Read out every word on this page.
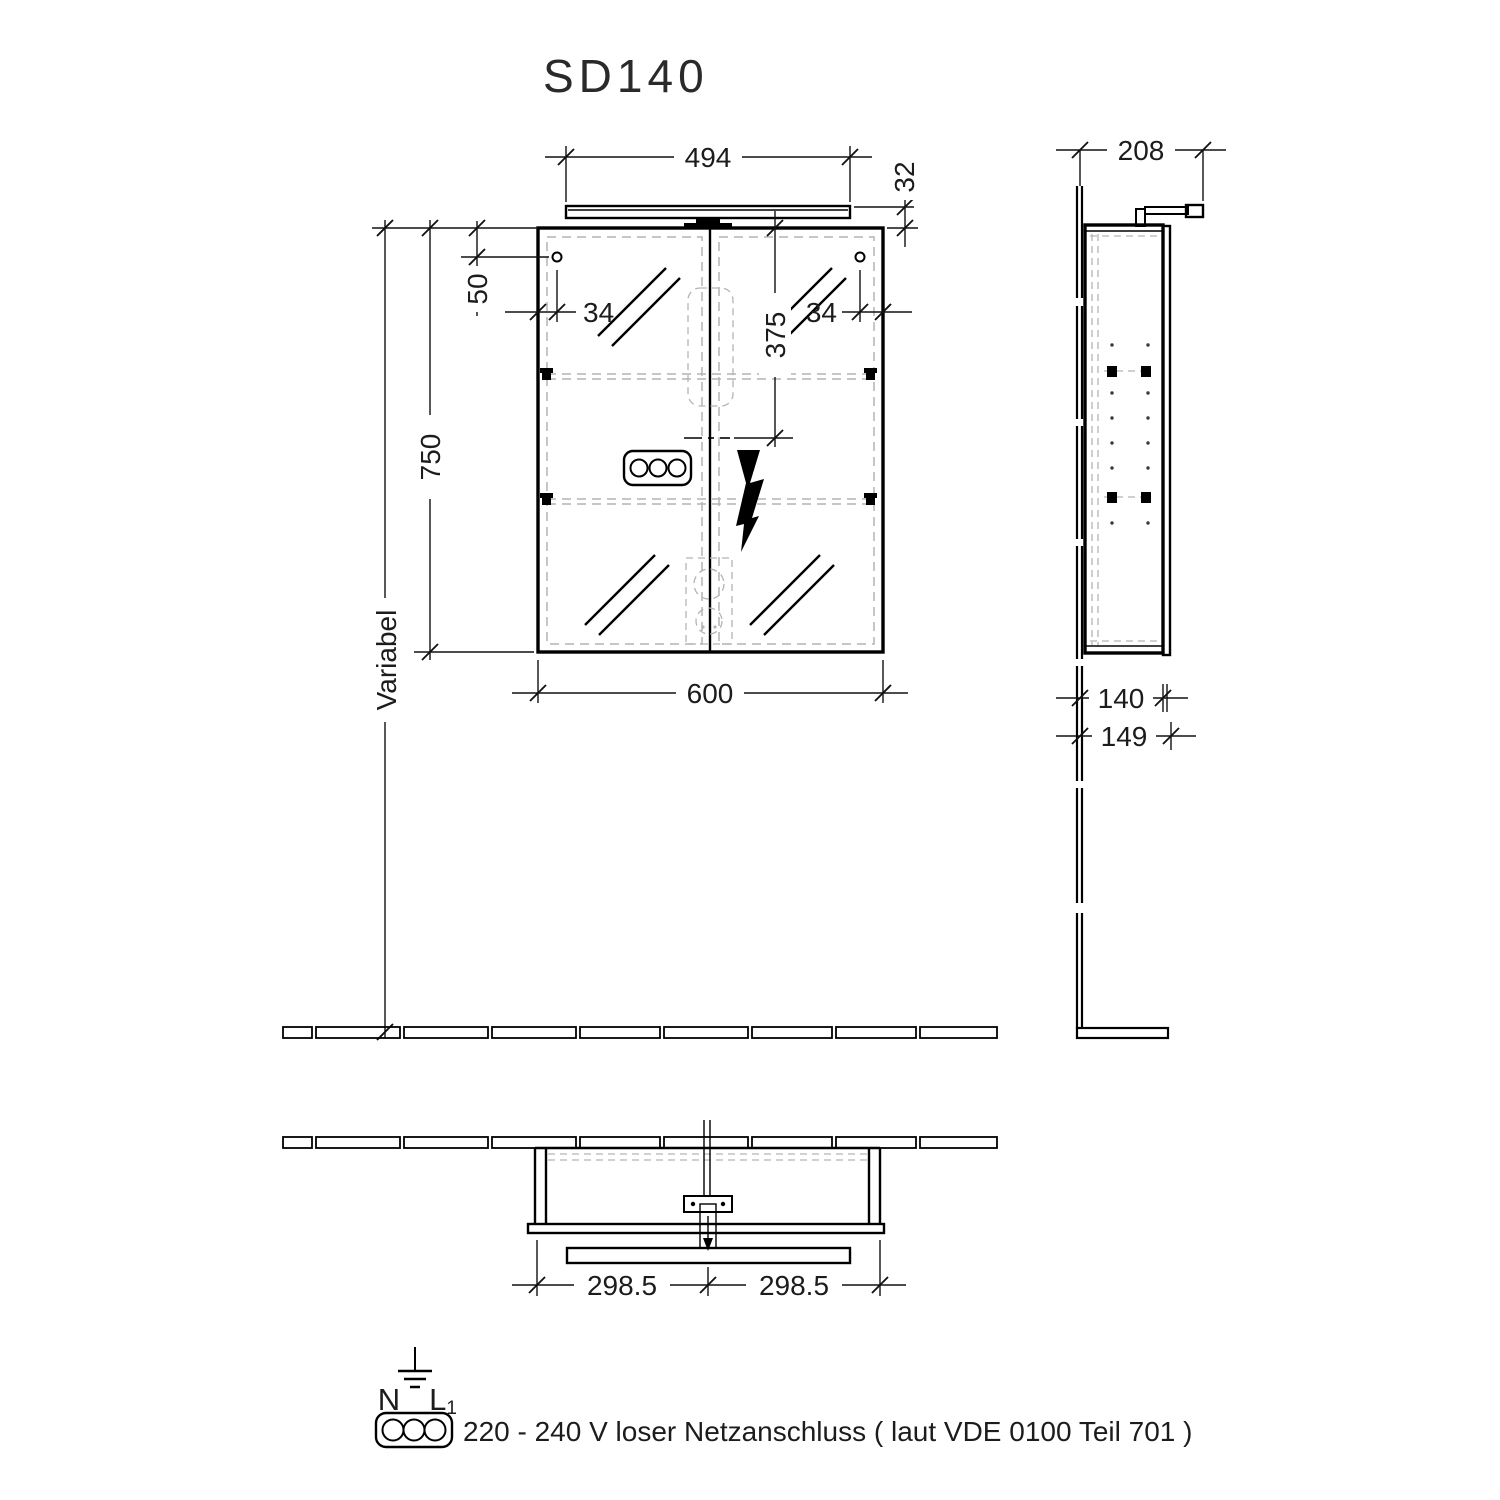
SD140
494
32
50
34	34
375
750
Variabel	600
208
140
149
298.5	298.5
N L1
220 - 240 V loser Netzanschluss ( laut VDE 0100 Teil 701 )
